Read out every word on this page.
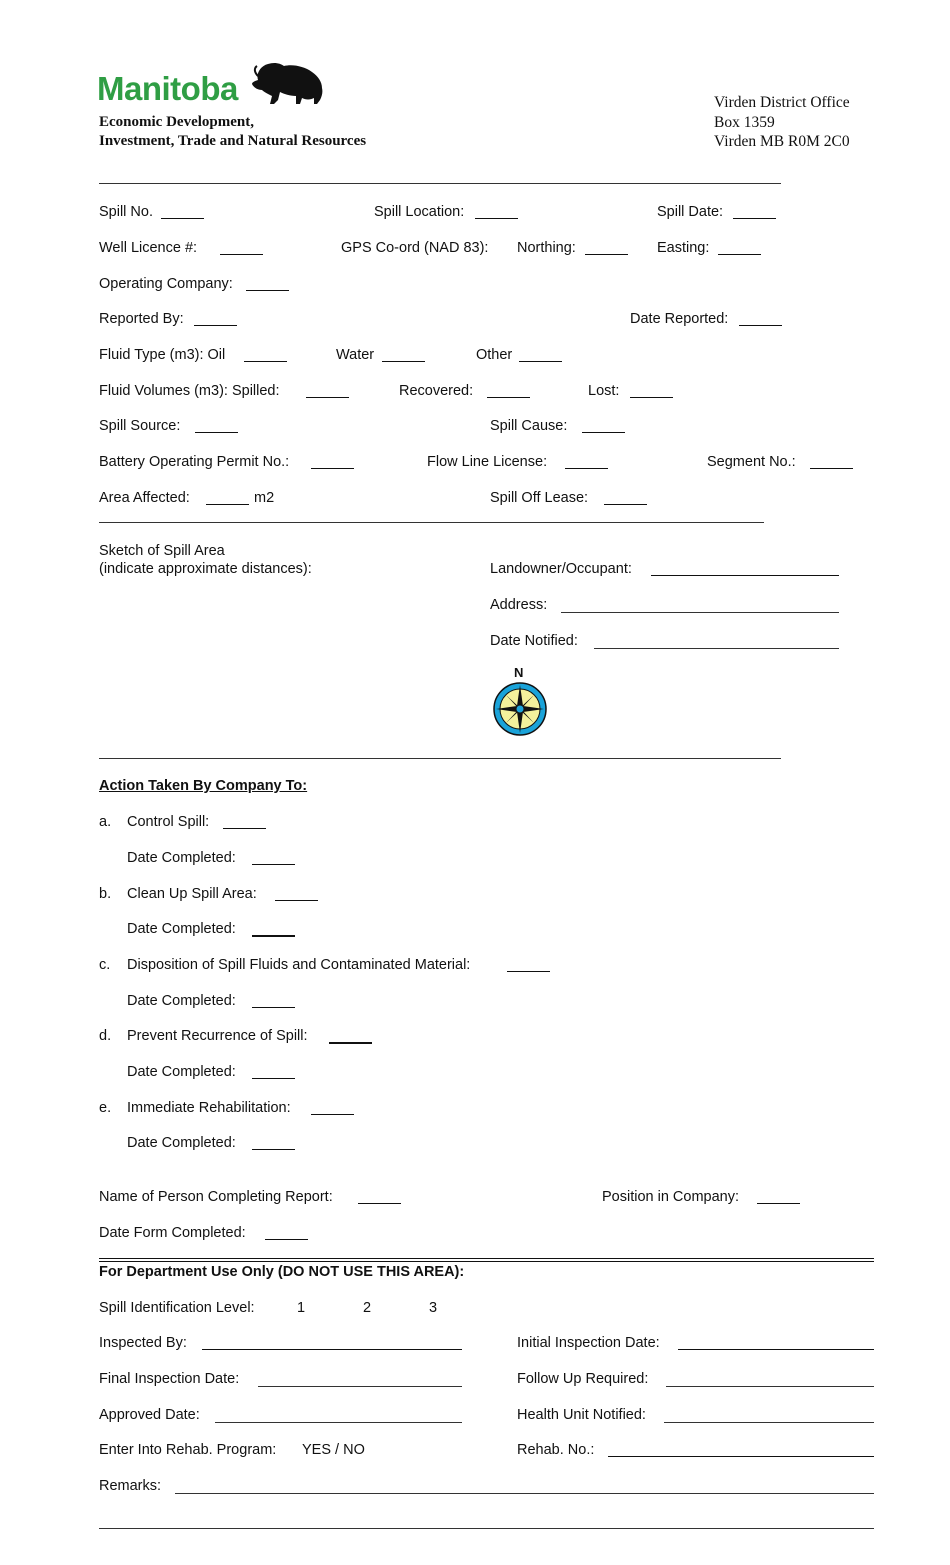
Manitoba
Economic Development,
Investment, Trade and Natural Resources
Virden District Office
Box 1359
Virden MB R0M 2C0
Spill No.	Spill Location:	Spill Date:
Well Licence #:	GPS Co-ord (NAD 83): Northing:	Easting:
Operating Company:
Reported By:	Date Reported:
Fluid Type (m3): Oil	Water	Other
Fluid Volumes (m3): Spilled:	Recovered:	Lost:
Spill Source:	Spill Cause:
Battery Operating Permit No.:	Flow Line License:	Segment No.:
Area Affected:	m2	Spill Off Lease:
Sketch of Spill Area
(indicate approximate distances):	Landowner/Occupant:
Address:
Date Notified:
N
Action Taken By Company To:
a. Control Spill:
Date Completed:
b. Clean Up Spill Area:
Date Completed:
c. Disposition of Spill Fluids and Contaminated Material:
Date Completed:
d. Prevent Recurrence of Spill:
Date Completed:
e. Immediate Rehabilitation:
Date Completed:
Name of Person Completing Report:	Position in Company:
Date Form Completed:
For Department Use Only (DO NOT USE THIS AREA):
Spill Identification Level:	1	2	3
Inspected By:	Initial Inspection Date:
Final Inspection Date:	Follow Up Required:
Approved Date:	Health Unit Notified:
Enter Into Rehab. Program: YES / NO	Rehab. No.:
Remarks:
